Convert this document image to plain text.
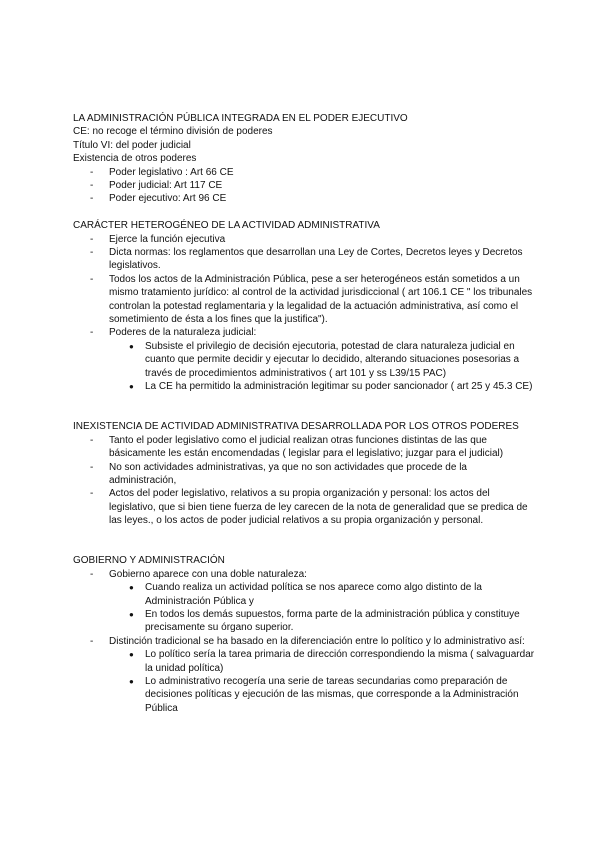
LA ADMINISTRACIÓN PÚBLICA INTEGRADA EN EL PODER EJECUTIVO

CE: no recoge el término división de poderes

Título VI: del poder judicial

Existencia de otros poderes

- Poder legislativo : Art 66 CE
- Poder judicial: Art 117 CE
- Poder ejecutivo: Art 96 CE

CARÁCTER HETEROGÉNEO DE LA ACTIVIDAD ADMINISTRATIVA

- Ejerce la función ejecutiva
- Dicta normas: los reglamentos que desarrollan una Ley de Cortes, Decretos leyes y Decretos legislativos.
- Todos los actos de la Administración Pública, pese a ser heterogéneos están sometidos a un mismo tratamiento jurídico: al control de la actividad jurisdiccional ( art 106.1 CE " los tribunales controlan la potestad reglamentaria y la legalidad de la actuación administrativa, así como el sometimiento de ésta a los fines que la justifica").
- Poderes de la naturaleza judicial:
● Subsiste el privilegio de decisión ejecutoria, potestad de clara naturaleza judicial en cuanto que permite decidir y ejecutar lo decidido, alterando situaciones posesorias a través de procedimientos administrativos ( art 101 y ss L39/15 PAC)
● La CE ha permitido la administración legitimar su poder sancionador ( art 25 y 45.3 CE)

INEXISTENCIA DE ACTIVIDAD ADMINISTRATIVA DESARROLLADA POR LOS OTROS PODERES

- Tanto el poder legislativo como el judicial realizan otras funciones distintas de las que básicamente les están encomendadas ( legislar para el legislativo; juzgar para el judicial)
- No son actividades administrativas, ya que no son actividades que procede de la administración,
- Actos del poder legislativo, relativos a su propia organización y personal: los actos del legislativo, que si bien tiene fuerza de ley carecen de la nota de generalidad que se predica de las leyes., o los actos de poder judicial relativos a su propia organización y personal.

GOBIERNO Y ADMINISTRACIÓN

- Gobierno aparece con una doble naturaleza:
● Cuando realiza un actividad política se nos aparece como algo distinto de la Administración Pública y
● En todos los demás supuestos, forma parte de la administración pública y constituye precisamente su órgano superior.
- Distinción tradicional se ha basado en la diferenciación entre lo político y lo administrativo así:
● Lo político sería la tarea primaria de dirección correspondiendo la misma ( salvaguardar la unidad política)
● Lo administrativo recogería una serie de tareas secundarias como preparación de decisiones políticas y ejecución de las mismas, que corresponde a la Administración Pública
